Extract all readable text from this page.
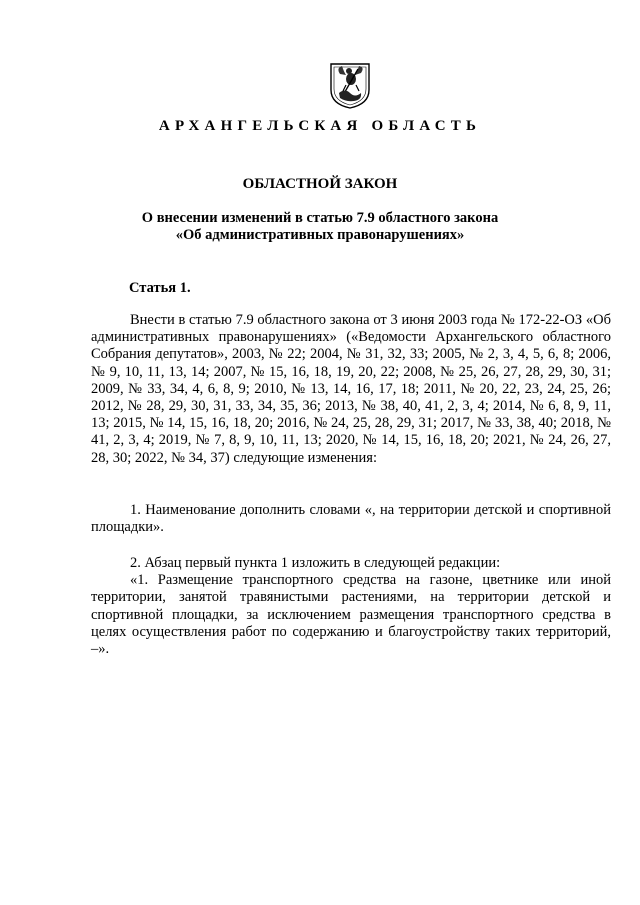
АРХАНГЕЛЬСКАЯ ОБЛАСТЬ
ОБЛАСТНОЙ ЗАКОН
О внесении изменений в статью 7.9 областного закона
«Об административных правонарушениях»
Статья 1.

Внести в статью 7.9 областного закона от 3 июня 2003 года № 172-22-ОЗ «Об административных правонарушениях» («Ведомости Архангельского областного Собрания депутатов», 2003, № 22; 2004, № 31, 32, 33; 2005, № 2, 3, 4, 5, 6, 8; 2006, № 9, 10, 11, 13, 14; 2007, № 15, 16, 18, 19, 20, 22; 2008, № 25, 26, 27, 28, 29, 30, 31; 2009, № 33, 34, 4, 6, 8, 9; 2010, № 13, 14, 16, 17, 18; 2011, № 20, 22, 23, 24, 25, 26; 2012, № 28, 29, 30, 31, 33, 34, 35, 36; 2013, № 38, 40, 41, 2, 3, 4; 2014, № 6, 8, 9, 11, 13; 2015, № 14, 15, 16, 18, 20; 2016, № 24, 25, 28, 29, 31; 2017, № 33, 38, 40; 2018, № 41, 2, 3, 4; 2019, № 7, 8, 9, 10, 11, 13; 2020, № 14, 15, 16, 18, 20; 2021, № 24, 26, 27, 28, 30; 2022, № 34, 37) следующие изменения:

1. Наименование дополнить словами «, на территории детской и спортивной площадки».

2. Абзац первый пункта 1 изложить в следующей редакции:

«1. Размещение транспортного средства на газоне, цветнике или иной территории, занятой травянистыми растениями, на территории детской и спортивной площадки, за исключением размещения транспортного средства в целях осуществления работ по содержанию и благоустройству таких территорий, –».
